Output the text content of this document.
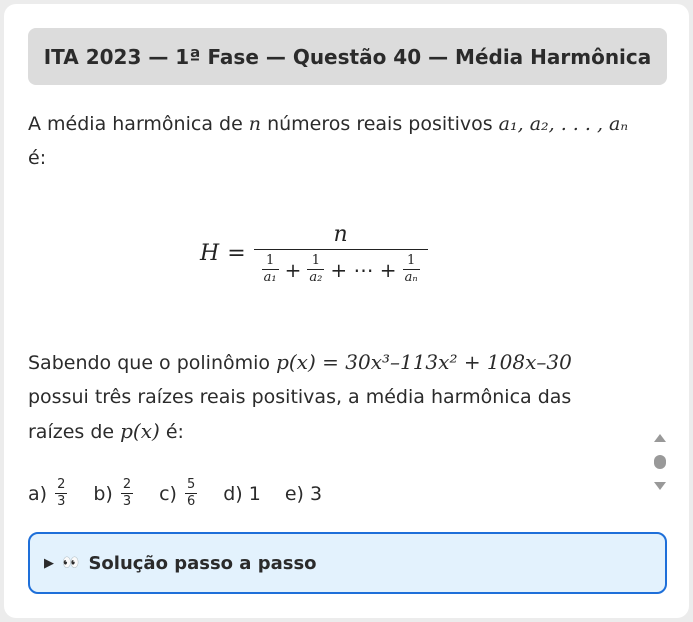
ITA 2023 — 1ª Fase — Questão 40 — Média Harmônica
A média harmônica de n números reais positivos a₁, a₂, . . . , aₙ
é:
H =
n
$\frac{1}{\text{a₁}} + \frac{1}{\text{a₂}}$ + ⋯ + $\frac{1}{\text{aₙ}}$
Sabendo que o polinômio p(x) = 30x³–113x² + 108x–30
possui três raízes reais positivas, a média harmônica das
raízes de p(x) é:
$a) \frac{2}{3} b) \frac{2}{3} c) \frac{5}{6} d$) 1 e) 3
▶ 👀 Solução passo a passo
